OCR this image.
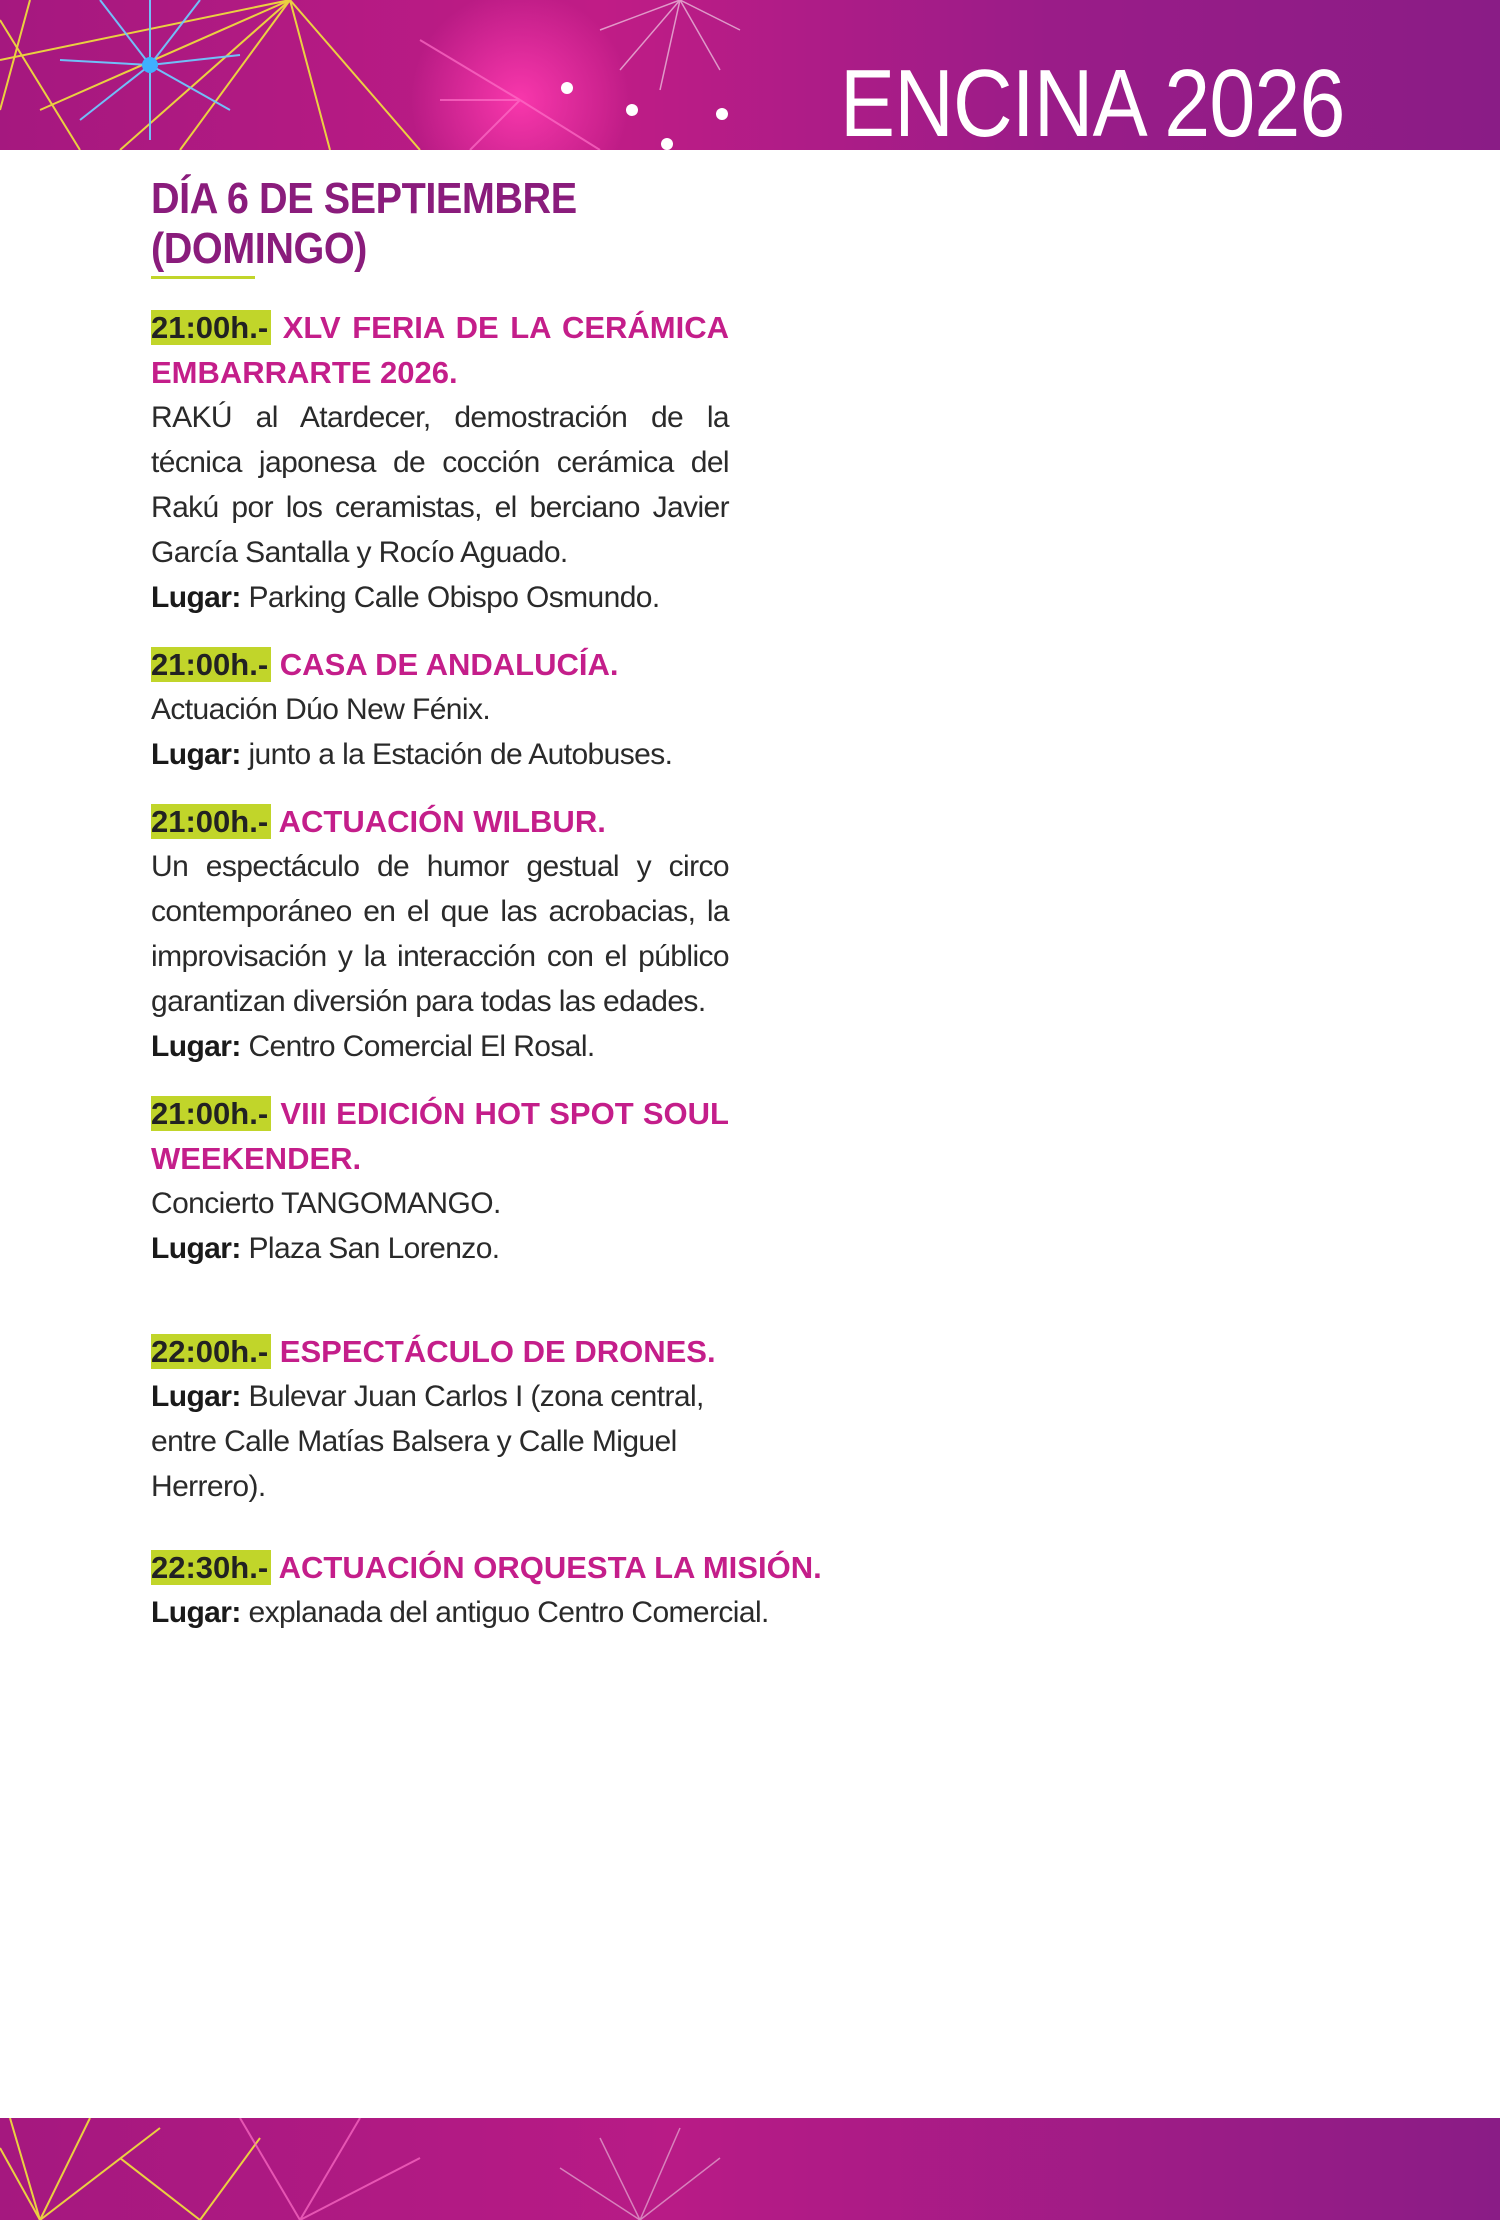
ENCINA 2026
DÍA 6 DE SEPTIEMBRE
(DOMINGO)

21:00h.- XLV FERIA DE LA CERÁMICA EMBARRARTE 2026.

RAKÚ al Atardecer, demostración de la técnica japonesa de cocción cerámica del Rakú por los ceramistas, el berciano Javier García Santalla y Rocío Aguado.

Lugar: Parking Calle Obispo Osmundo.

21:00h.- CASA DE ANDALUCÍA.

Actuación Dúo New Fénix.

Lugar: junto a la Estación de Autobuses.

21:00h.- ACTUACIÓN WILBUR.

Un espectáculo de humor gestual y circo contemporáneo en el que las acrobacias, la improvisación y la interacción con el público garantizan diversión para todas las edades.

Lugar: Centro Comercial El Rosal.

21:00h.- VIII EDICIÓN HOT SPOT SOUL WEEKENDER.

Concierto TANGOMANGO.

Lugar: Plaza San Lorenzo.

22:00h.- ESPECTÁCULO DE DRONES.

Lugar: Bulevar Juan Carlos I (zona central, entre Calle Matías Balsera y Calle Miguel Herrero).

22:30h.- ACTUACIÓN ORQUESTA LA MISIÓN.

Lugar: explanada del antiguo Centro Comercial.
